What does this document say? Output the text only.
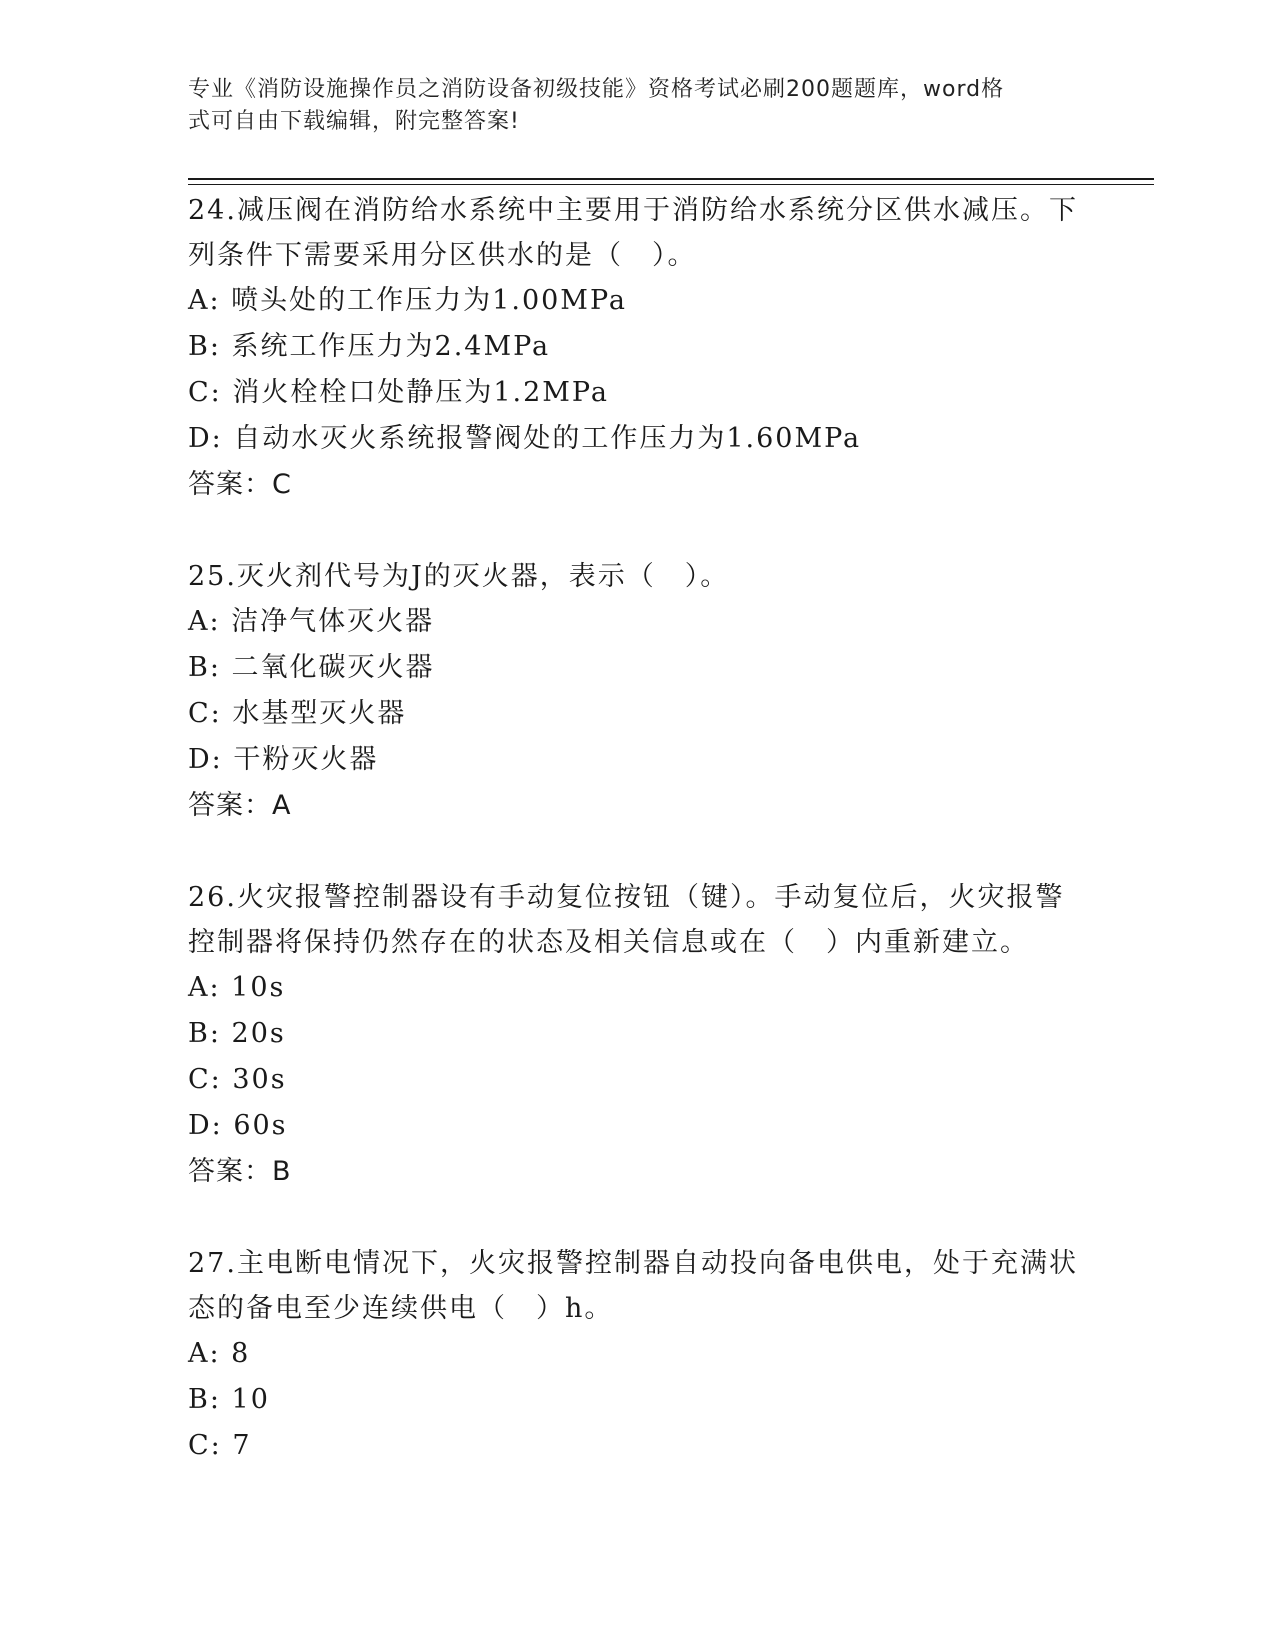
专业《消防设施操作员之消防设备初级技能》资格考试必刷200题题库，word格
式可自由下载编辑，附完整答案!

24.减压阀在消防给水系统中主要用于消防给水系统分区供水减压。下

列条件下需要采用分区供水的是（　）。

A: 喷头处的工作压力为1.00MPa

B: 系统工作压力为2.4MPa

C: 消火栓栓口处静压为1.2MPa

D: 自动水灭火系统报警阀处的工作压力为1.60MPa

答案：C

25.灭火剂代号为J的灭火器，表示（　）。

A: 洁净气体灭火器

B: 二氧化碳灭火器

C: 水基型灭火器

D: 干粉灭火器

答案：A

26.火灾报警控制器设有手动复位按钮（键）。手动复位后，火灾报警

控制器将保持仍然存在的状态及相关信息或在（　）内重新建立。

A: 10s

B: 20s

C: 30s

D: 60s

答案：B

27.主电断电情况下，火灾报警控制器自动投向备电供电，处于充满状

态的备电至少连续供电（　）h。

A: 8

B: 10

C: 7
